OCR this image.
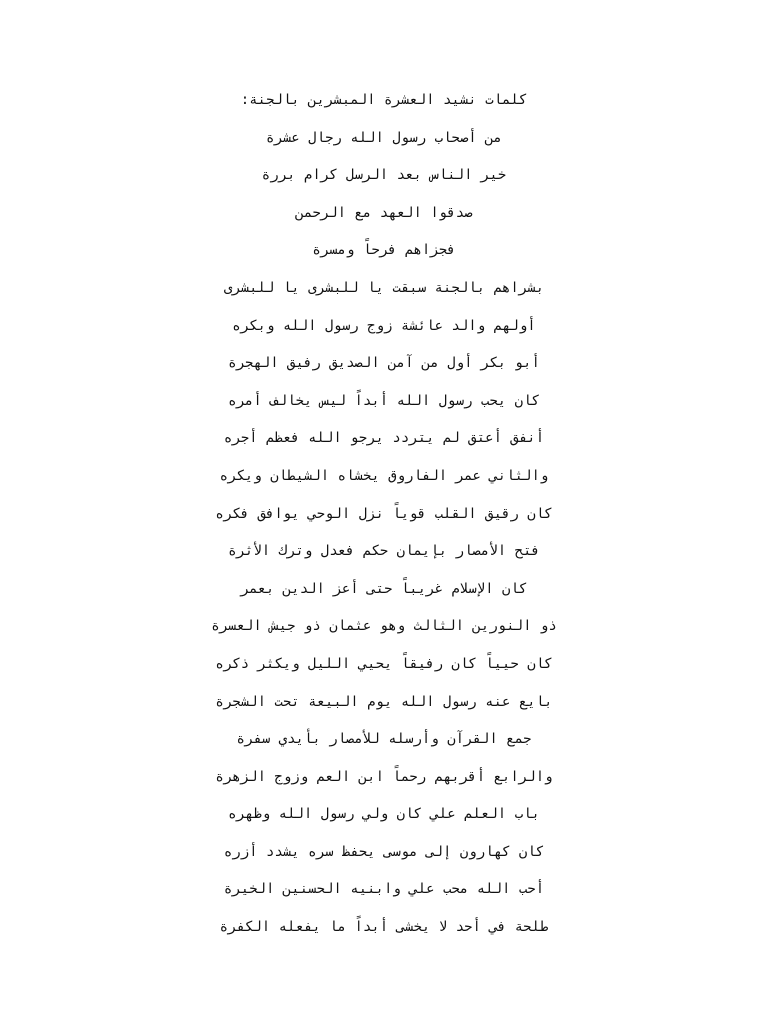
كلمات نشيد العشرة المبشرين بالجنة:
من أصحاب رسول الله رجال عشرة
خير الناس بعد الرسل كرام بررة
صدقوا العهد مع الرحمن
فجزاهم فرحاً ومسرة
بشراهم بالجنة سبقت يا للبشرى يا للبشرى
أولهم والد عائشة زوج رسول الله وبكره
أبو بكر أول من آمن الصديق رفيق الهجرة
كان يحب رسول الله أبداً ليس يخالف أمره
أنفق أعتق لم يتردد يرجو الله فعظم أجره
والثاني عمر الفاروق يخشاه الشيطان ويكره
كان رقيق القلب قوياً نزل الوحي يوافق فكره
فتح الأمصار بإيمان حكم فعدل وترك الأثرة
كان الإسلام غريباً حتى أعز الدين بعمر
ذو النورين الثالث وهو عثمان ذو جيش العسرة
كان حيياً كان رفيقاً يحيي الليل ويكثر ذكره
بايع عنه رسول الله يوم البيعة تحت الشجرة
جمع القرآن وأرسله للأمصار بأيدي سفرة
والرابع أقربهم رحماً ابن العم وزوج الزهرة
باب العلم علي كان ولي رسول الله وظهره
كان كهارون إلى موسى يحفظ سره يشدد أزره
أحب الله محب علي وابنيه الحسنين الخيرة
طلحة في أحد لا يخشى أبداً ما يفعله الكفرة
